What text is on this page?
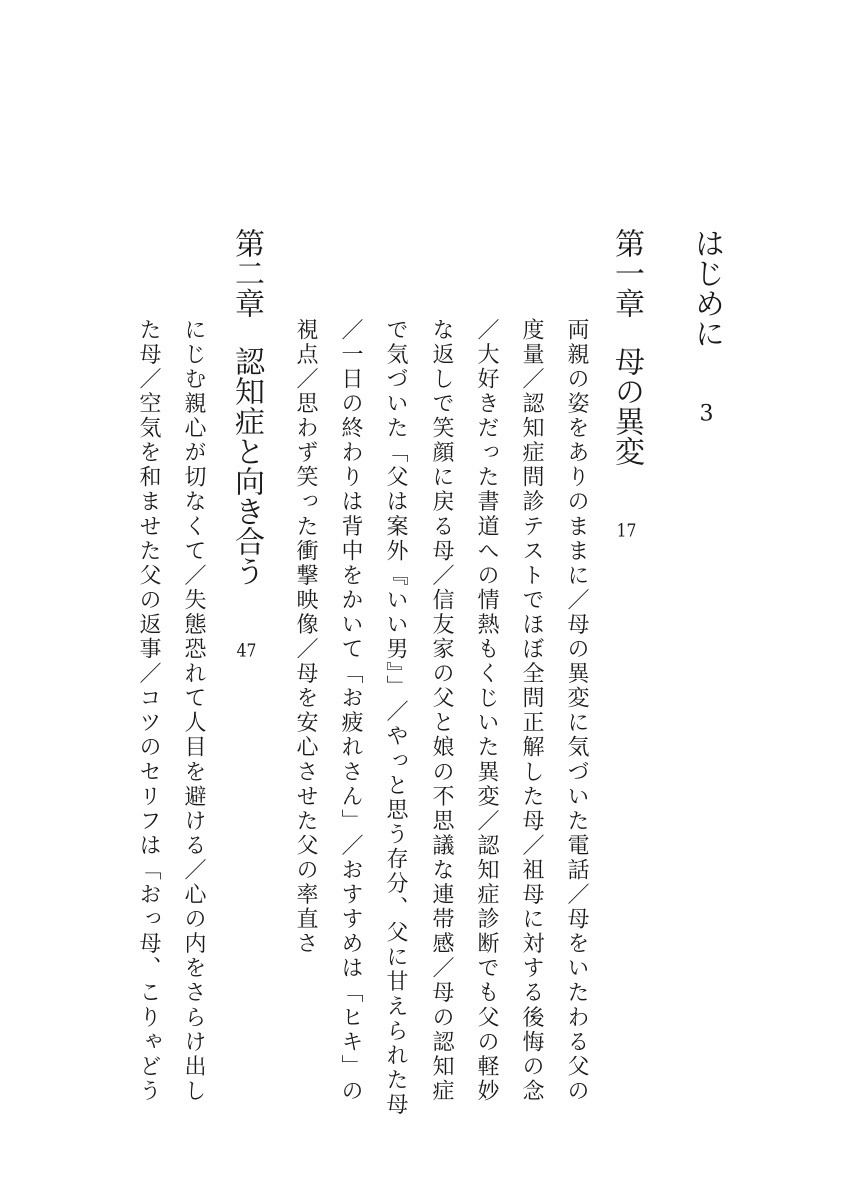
はじめに3
第一章母の異変17
両親の姿をありのままに／母の異変に気づいた電話／母をいたわる父の
度量／認知症問診テストでほぼ全問正解した母／祖母に対する後悔の念
／大好きだった書道への情熱もくじいた異変／認知症診断でも父の軽妙
な返しで笑顔に戻る母／信友家の父と娘の不思議な連帯感／母の認知症
で気づいた「父は案外『いい男』」／やっと思う存分、父に甘えられた母
／一日の終わりは背中をかいて「お疲れさん」／おすすめは「ヒキ」の
視点／思わず笑った衝撃映像／母を安心させた父の率直さ
第二章認知症と向き合う47
にじむ親心が切なくて／失態恐れて人目を避ける／心の内をさらけ出し
た母／空気を和ませた父の返事／コツのセリフは「おっ母、こりゃどう
